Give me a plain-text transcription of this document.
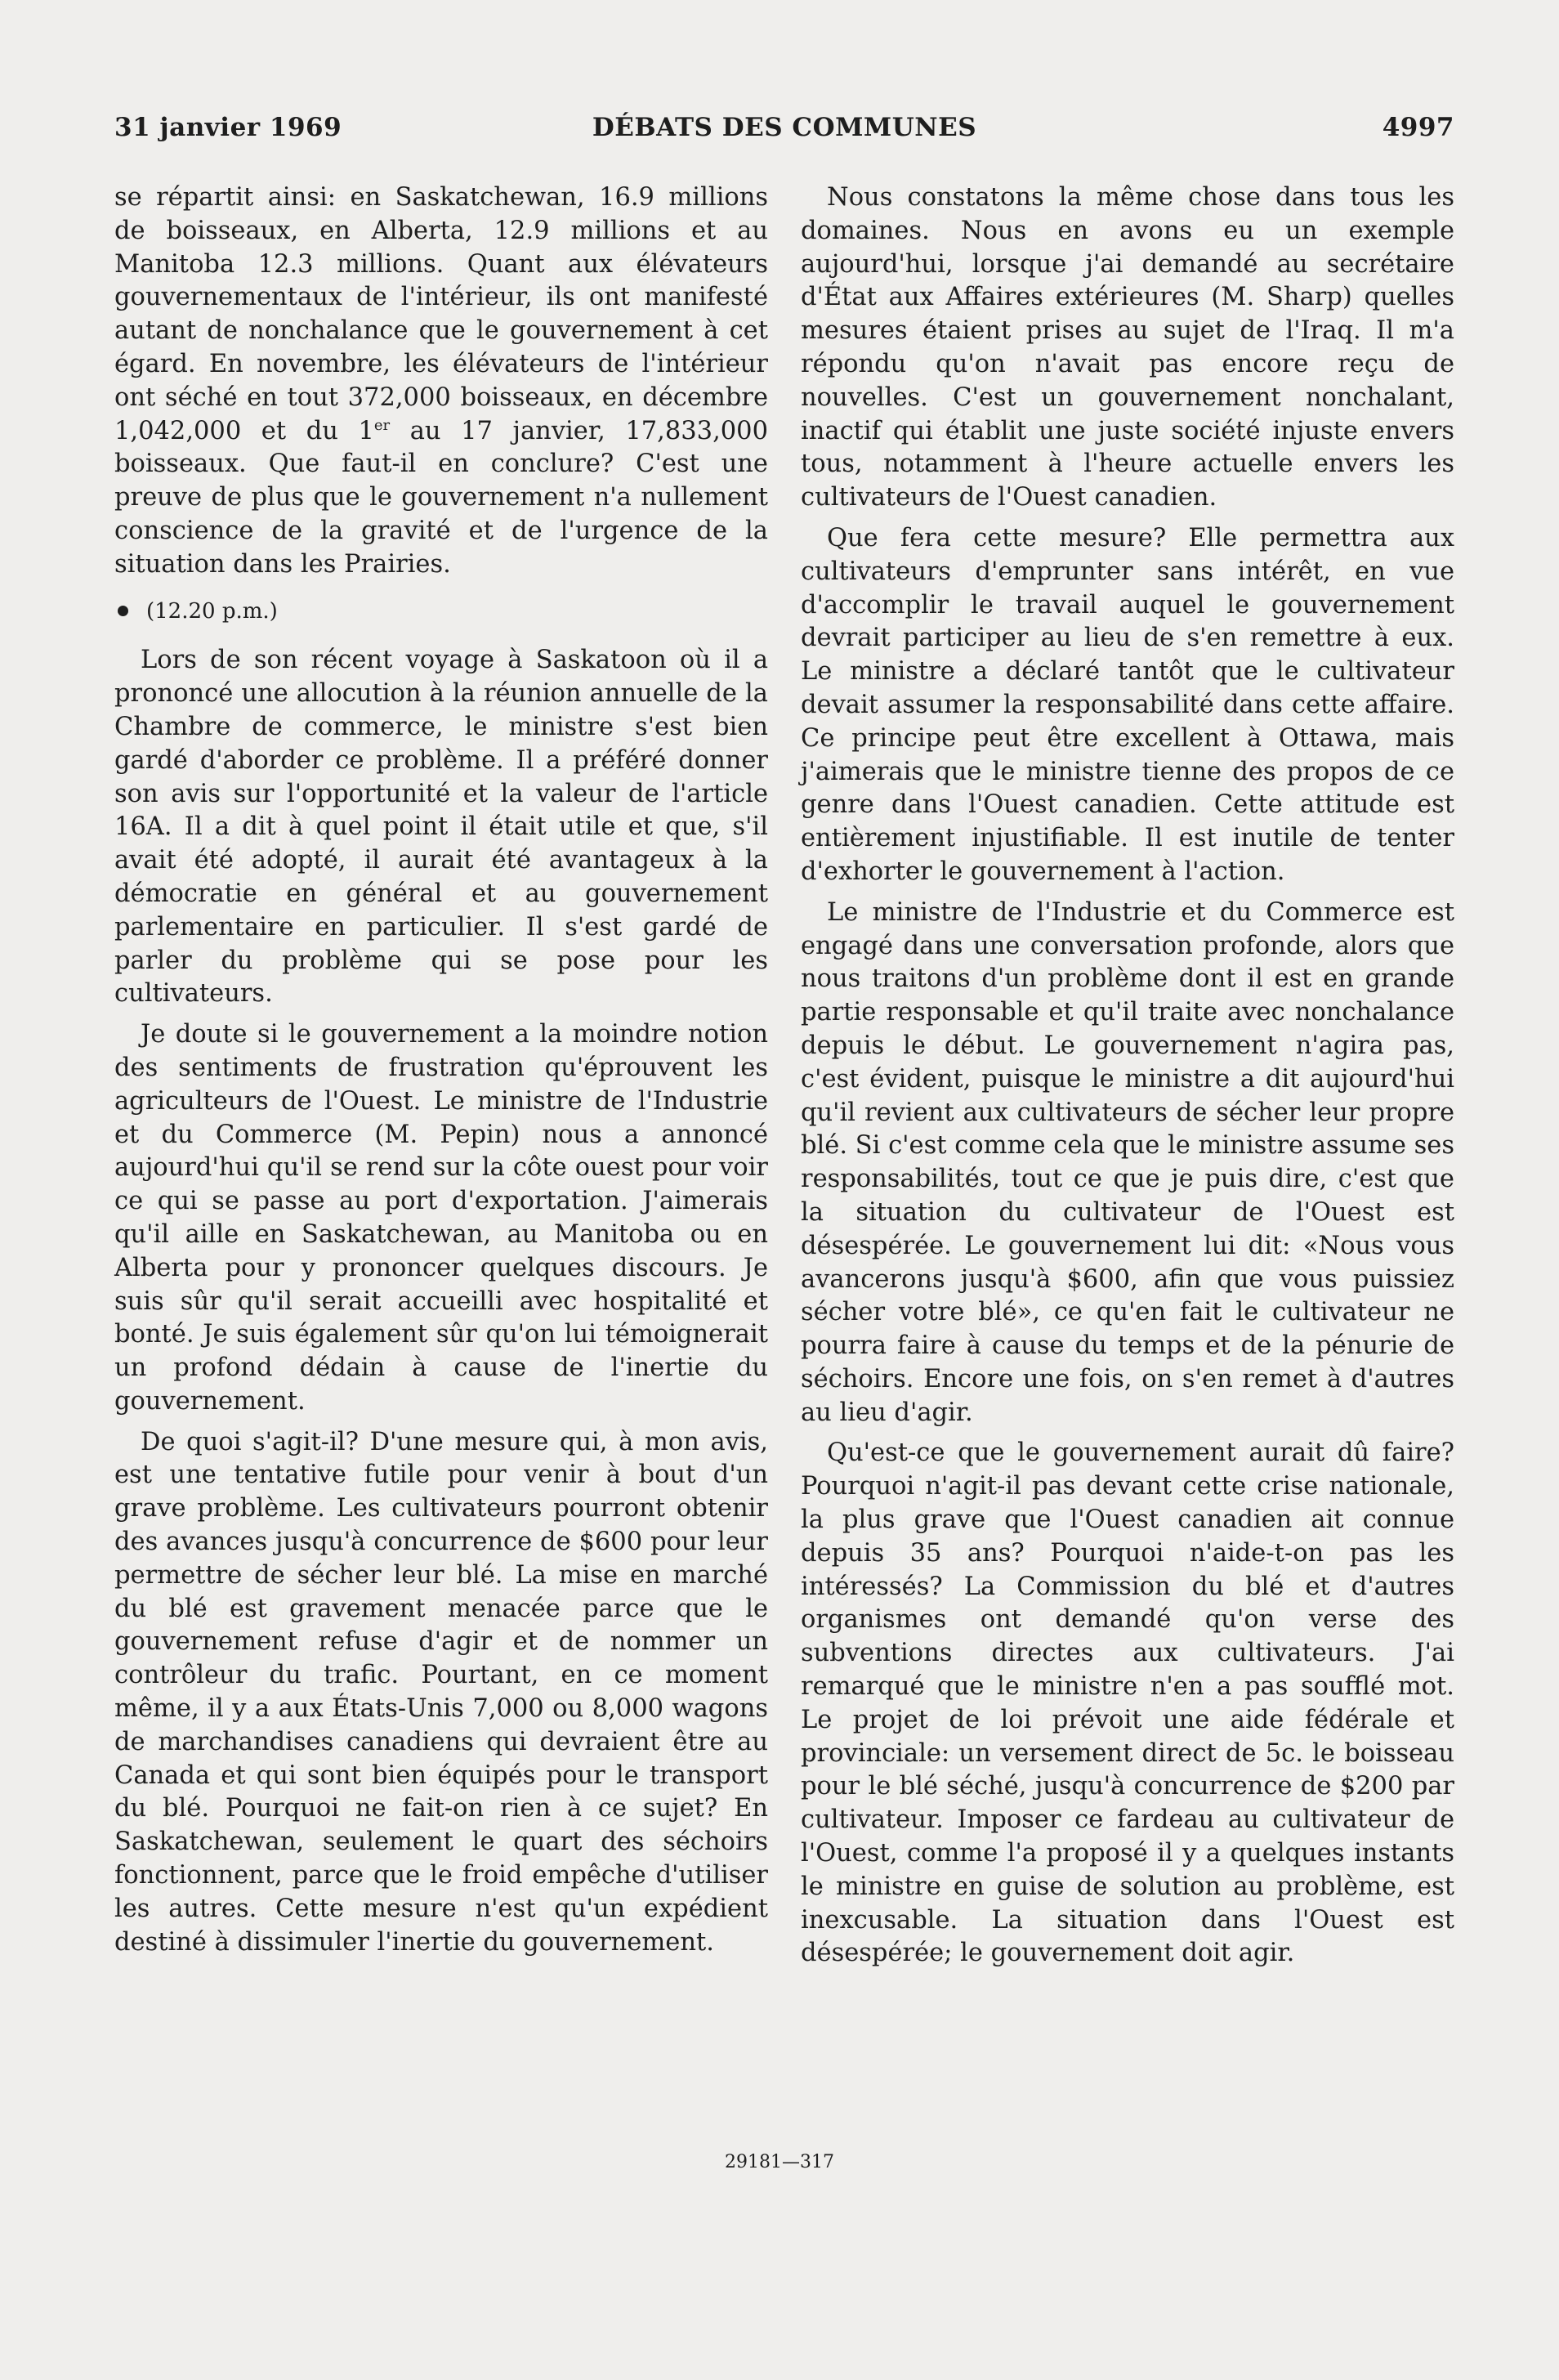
31 janvier 1969	DÉBATS DES COMMUNES	4997

se répartit ainsi: en Saskatchewan, 16.9 millions de boisseaux, en Alberta, 12.9 millions et au Manitoba 12.3 millions. Quant aux élévateurs gouvernementaux de l'intérieur, ils ont manifesté autant de nonchalance que le gouvernement à cet égard. En novembre, les élévateurs de l'intérieur ont séché en tout 372,000 boisseaux, en décembre 1,042,000 et du 1er au 17 janvier, 17,833,000 boisseaux. Que faut-il en conclure? C'est une preuve de plus que le gouvernement n'a nullement conscience de la gravité et de l'urgence de la situation dans les Prairies.

(12.20 p.m.)

Lors de son récent voyage à Saskatoon où il a prononcé une allocution à la réunion annuelle de la Chambre de commerce, le ministre s'est bien gardé d'aborder ce problème. Il a préféré donner son avis sur l'opportunité et la valeur de l'article 16A. Il a dit à quel point il était utile et que, s'il avait été adopté, il aurait été avantageux à la démocratie en général et au gouvernement parlementaire en particulier. Il s'est gardé de parler du problème qui se pose pour les cultivateurs.

Je doute si le gouvernement a la moindre notion des sentiments de frustration qu'éprouvent les agriculteurs de l'Ouest. Le ministre de l'Industrie et du Commerce (M. Pepin) nous a annoncé aujourd'hui qu'il se rend sur la côte ouest pour voir ce qui se passe au port d'exportation. J'aimerais qu'il aille en Saskatchewan, au Manitoba ou en Alberta pour y prononcer quelques discours. Je suis sûr qu'il serait accueilli avec hospitalité et bonté. Je suis également sûr qu'on lui témoignerait un profond dédain à cause de l'inertie du gouvernement.

De quoi s'agit-il? D'une mesure qui, à mon avis, est une tentative futile pour venir à bout d'un grave problème. Les cultivateurs pourront obtenir des avances jusqu'à concurrence de $600 pour leur permettre de sécher leur blé. La mise en marché du blé est gravement menacée parce que le gouvernement refuse d'agir et de nommer un contrôleur du trafic. Pourtant, en ce moment même, il y a aux États-Unis 7,000 ou 8,000 wagons de marchandises canadiens qui devraient être au Canada et qui sont bien équipés pour le transport du blé. Pourquoi ne fait-on rien à ce sujet? En Saskatchewan, seulement le quart des séchoirs fonctionnent, parce que le froid empêche d'utiliser les autres. Cette mesure n'est qu'un expédient destiné à dissimuler l'inertie du gouvernement.

Nous constatons la même chose dans tous les domaines. Nous en avons eu un exemple aujourd'hui, lorsque j'ai demandé au secrétaire d'État aux Affaires extérieures (M. Sharp) quelles mesures étaient prises au sujet de l'Iraq. Il m'a répondu qu'on n'avait pas encore reçu de nouvelles. C'est un gouvernement nonchalant, inactif qui établit une juste société injuste envers tous, notamment à l'heure actuelle envers les cultivateurs de l'Ouest canadien.

Que fera cette mesure? Elle permettra aux cultivateurs d'emprunter sans intérêt, en vue d'accomplir le travail auquel le gouvernement devrait participer au lieu de s'en remettre à eux. Le ministre a déclaré tantôt que le cultivateur devait assumer la responsabilité dans cette affaire. Ce principe peut être excellent à Ottawa, mais j'aimerais que le ministre tienne des propos de ce genre dans l'Ouest canadien. Cette attitude est entièrement injustifiable. Il est inutile de tenter d'exhorter le gouvernement à l'action.

Le ministre de l'Industrie et du Commerce est engagé dans une conversation profonde, alors que nous traitons d'un problème dont il est en grande partie responsable et qu'il traite avec nonchalance depuis le début. Le gouvernement n'agira pas, c'est évident, puisque le ministre a dit aujourd'hui qu'il revient aux cultivateurs de sécher leur propre blé. Si c'est comme cela que le ministre assume ses responsabilités, tout ce que je puis dire, c'est que la situation du cultivateur de l'Ouest est désespérée. Le gouvernement lui dit: «Nous vous avancerons jusqu'à $600, afin que vous puissiez sécher votre blé», ce qu'en fait le cultivateur ne pourra faire à cause du temps et de la pénurie de séchoirs. Encore une fois, on s'en remet à d'autres au lieu d'agir.

Qu'est-ce que le gouvernement aurait dû faire? Pourquoi n'agit-il pas devant cette crise nationale, la plus grave que l'Ouest canadien ait connue depuis 35 ans? Pourquoi n'aide-t-on pas les intéressés? La Commission du blé et d'autres organismes ont demandé qu'on verse des subventions directes aux cultivateurs. J'ai remarqué que le ministre n'en a pas soufflé mot. Le projet de loi prévoit une aide fédérale et provinciale: un versement direct de 5c. le boisseau pour le blé séché, jusqu'à concurrence de $200 par cultivateur. Imposer ce fardeau au cultivateur de l'Ouest, comme l'a proposé il y a quelques instants le ministre en guise de solution au problème, est inexcusable. La situation dans l'Ouest est désespérée; le gouvernement doit agir.

29181—317
